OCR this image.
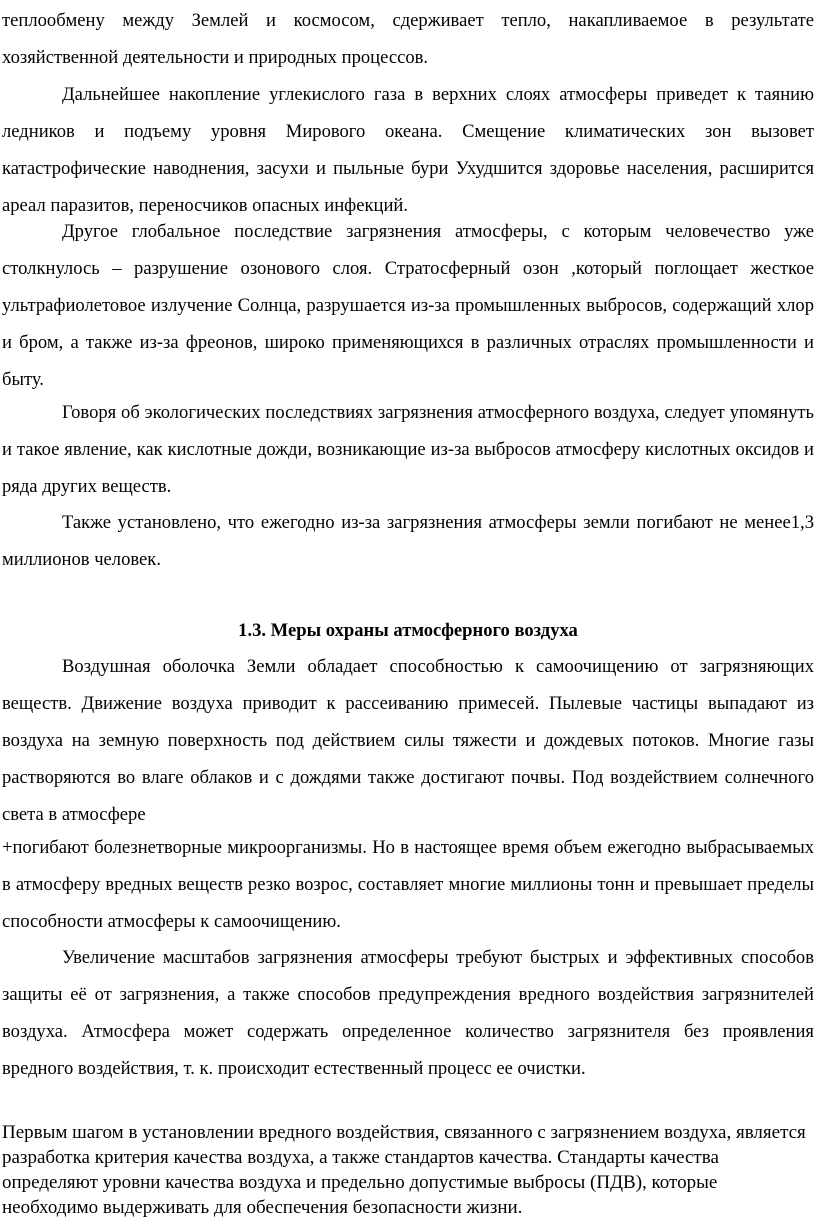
теплообмену между Землей и космосом, сдерживает тепло, накапливаемое в результате хозяйственной деятельности и природных процессов.

Дальнейшее накопление углекислого газа в верхних слоях атмосферы приведет к таянию ледников и подъему уровня Мирового океана. Смещение климатических зон вызовет катастрофические наводнения, засухи и пыльные бури Ухудшится здоровье населения, расширится ареал паразитов, переносчиков опасных инфекций.

Другое глобальное последствие загрязнения атмосферы, с которым человечество уже столкнулось – разрушение озонового слоя. Стратосферный озон ,который поглощает жесткое ультрафиолетовое излучение Солнца, разрушается из-за промышленных выбросов, содержащий хлор и бром, а также из-за фреонов, широко применяющихся в различных отраслях промышленности и быту.

Говоря об экологических последствиях загрязнения атмосферного воздуха, следует упомянуть и такое явление, как кислотные дожди, возникающие из-за выбросов атмосферу кислотных оксидов и ряда других веществ.

Также установлено, что ежегодно из-за загрязнения атмосферы земли погибают не менее1,3 миллионов человек.

1.3. Меры охраны атмосферного воздуха

Воздушная оболочка Земли обладает способностью к самоочищению от загрязняющих веществ. Движение воздуха приводит к рассеиванию примесей. Пылевые частицы выпадают из воздуха на земную поверхность под действием силы тяжести и дождевых потоков. Многие газы растворяются во влаге облаков и с дождями также достигают почвы. Под воздействием солнечного света в атмосфере

+погибают болезнетворные микроорганизмы. Но в настоящее время объем ежегодно выбрасываемых в атмосферу вредных веществ резко возрос, составляет многие миллионы тонн и превышает пределы способности атмосферы к самоочищению.

Увеличение масштабов загрязнения атмосферы требуют быстрых и эффективных способов защиты её от загрязнения, а также способов предупреждения вредного воздействия загрязнителей воздуха. Атмосфера может содержать определенное количество загрязнителя без проявления вредного воздействия, т. к. происходит естественный процесс ее очистки.

Первым шагом в установлении вредного воздействия, связанного с загрязнением воздуха, является разработка критерия качества воздуха, а также стандартов качества. Стандарты качества определяют уровни качества воздуха и предельно допустимые выбросы (ПДВ), которые необходимо выдерживать для обеспечения безопасности жизни.
